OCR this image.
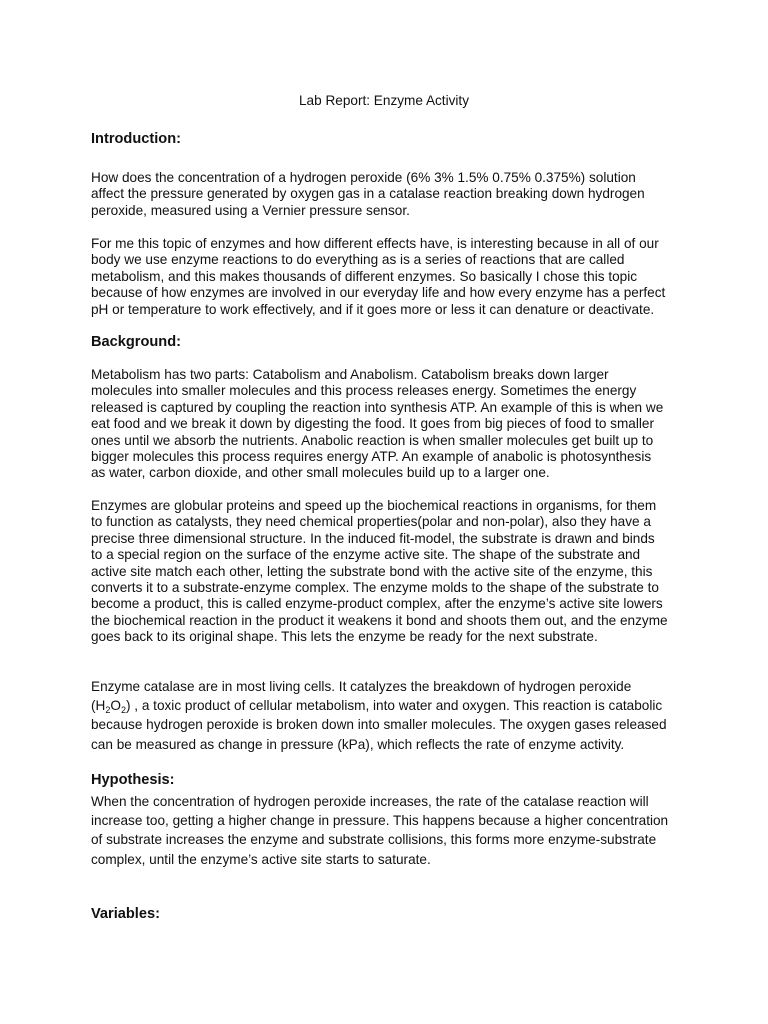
Lab Report: Enzyme Activity
Introduction:
How does the concentration of a hydrogen peroxide (6% 3% 1.5% 0.75% 0.375%) solution
affect the pressure generated by oxygen gas in a catalase reaction breaking down hydrogen
peroxide, measured using a Vernier pressure sensor.
For me this topic of enzymes and how different effects have, is interesting because in all of our
body we use enzyme reactions to do everything as is a series of reactions that are called
metabolism, and this makes thousands of different enzymes. So basically I chose this topic
because of how enzymes are involved in our everyday life and how every enzyme has a perfect
pH or temperature to work effectively, and if it goes more or less it can denature or deactivate.
Background:
Metabolism has two parts: Catabolism and Anabolism. Catabolism breaks down larger
molecules into smaller molecules and this process releases energy. Sometimes the energy
released is captured by coupling the reaction into synthesis ATP. An example of this is when we
eat food and we break it down by digesting the food. It goes from big pieces of food to smaller
ones until we absorb the nutrients. Anabolic reaction is when smaller molecules get built up to
bigger molecules this process requires energy ATP. An example of anabolic is photosynthesis
as water, carbon dioxide, and other small molecules build up to a larger one.
Enzymes are globular proteins and speed up the biochemical reactions in organisms, for them
to function as catalysts, they need chemical properties(polar and non-polar), also they have a
precise three dimensional structure. In the induced fit-model, the substrate is drawn and binds
to a special region on the surface of the enzyme active site. The shape of the substrate and
active site match each other, letting the substrate bond with the active site of the enzyme, this
converts it to a substrate-enzyme complex. The enzyme molds to the shape of the substrate to
become a product, this is called enzyme-product complex, after the enzyme’s active site lowers
the biochemical reaction in the product it weakens it bond and shoots them out, and the enzyme
goes back to its original shape. This lets the enzyme be ready for the next substrate.
Enzyme catalase are in most living cells. It catalyzes the breakdown of hydrogen peroxide
$(H_2O_2)$ , a toxic product of cellular metabolism, into water and oxygen. This reaction is catabolic
because hydrogen peroxide is broken down into smaller molecules. The oxygen gases released
can be measured as change in pressure (kPa), which reflects the rate of enzyme activity.
Hypothesis:
When the concentration of hydrogen peroxide increases, the rate of the catalase reaction will
increase too, getting a higher change in pressure. This happens because a higher concentration
of substrate increases the enzyme and substrate collisions, this forms more enzyme-substrate
complex, until the enzyme’s active site starts to saturate.
Variables:
